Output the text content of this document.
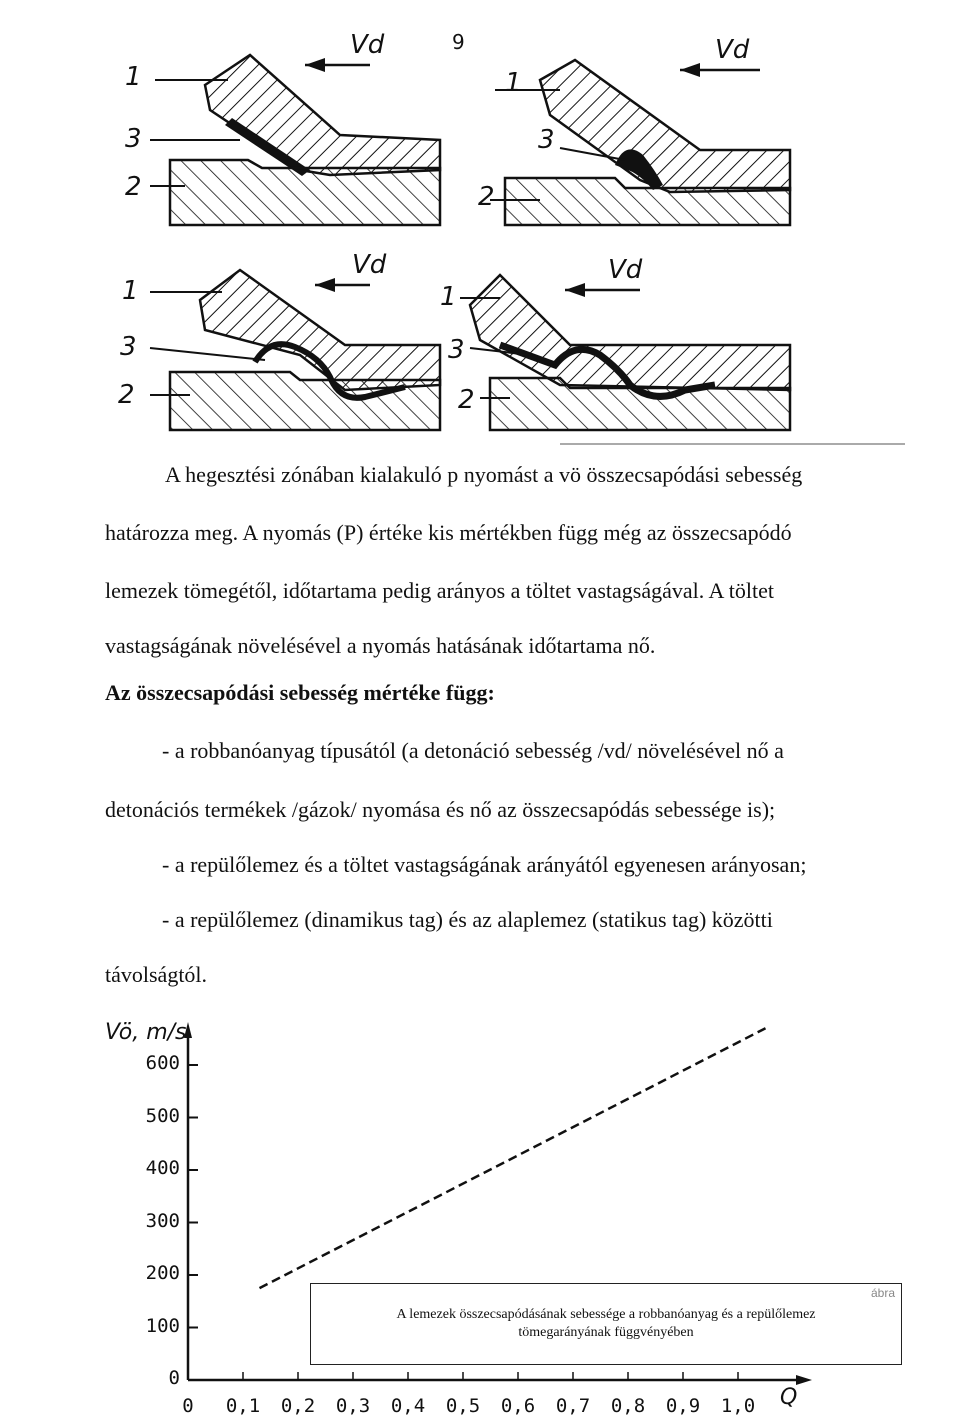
9
Vd
1
3
2
Vd
1
3
2
Vd
1
3
2
Vd
1
3
2
A hegesztési zónában kialakuló p nyomást a vö összecsapódási sebesség
határozza meg. A nyomás (P) értéke kis mértékben függ még az összecsapódó
lemezek tömegétől, időtartama pedig arányos a töltet vastagságával. A töltet
vastagságának növelésével a nyomás hatásának időtartama nő.
Az összecsapódási sebesség mértéke függ:
- a robbanóanyag típusától (a detonáció sebesség /vd/ növelésével nő a
detonációs termékek /gázok/ nyomása és nő az összecsapódás sebessége is);
- a repülőlemez és a töltet vastagságának arányától egyenesen arányosan;
- a repülőlemez (dinamikus tag) és az alaplemez (statikus tag) közötti
távolságtól.
Vö, m/s
Q
0
100
200
300
400
500
600
0	0,1	0,2	0,3	0,4	0,5	0,6	0,7	0,8	0,9	1,0
ábra
A lemezek összecsapódásának sebessége a robbanóanyag és a repülőlemez
tömegarányának függvényében
